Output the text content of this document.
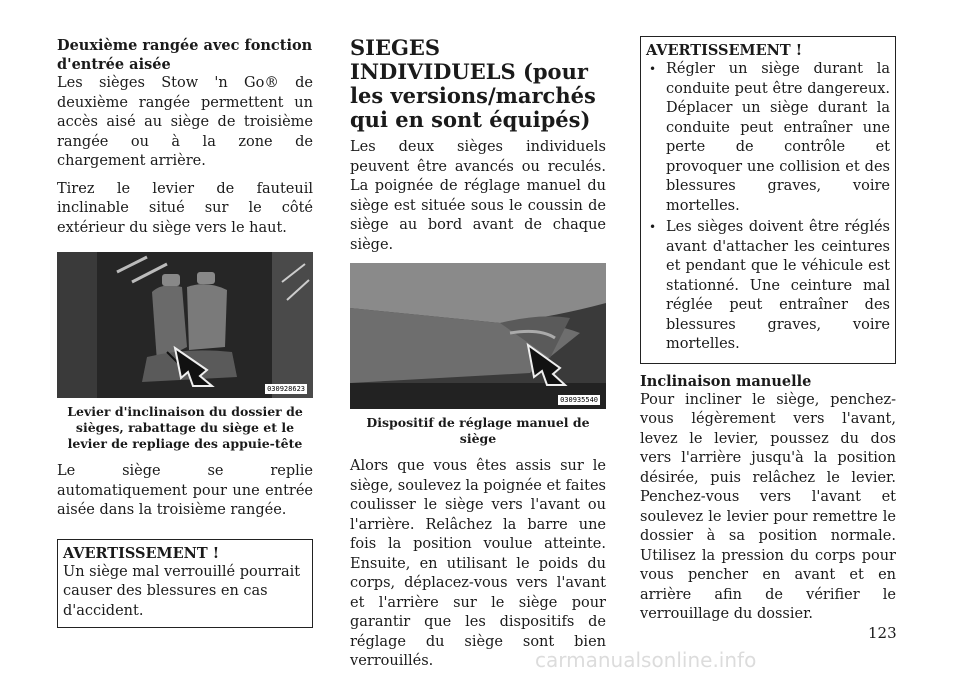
Deuxième rangée avec fonction d'entrée aisée

Les sièges Stow 'n Go® de deuxième rangée permettent un accès aisé au siège de troisième rangée ou à la zone de chargement arrière.

Tirez le levier de fauteuil inclinable situé sur le côté extérieur du siège vers le haut.

030928623
Levier d'inclinaison du dossier de sièges, rabattage du siège et le levier de repliage des appuie-tête

Le siège se replie automatiquement pour une entrée aisée dans la troisième rangée.

AVERTISSEMENT !

Un siège mal verrouillé pourrait causer des blessures en cas d'accident.

SIEGES INDIVIDUELS (pour les versions/marchés qui en sont équipés)

Les deux sièges individuels peuvent être avancés ou reculés. La poignée de réglage manuel du siège est située sous le coussin de siège au bord avant de chaque siège.

030935540
Dispositif de réglage manuel de siège

Alors que vous êtes assis sur le siège, soulevez la poignée et faites coulisser le siège vers l'avant ou l'arrière. Relâchez la barre une fois la position voulue atteinte. Ensuite, en utilisant le poids du corps, déplacez-vous vers l'avant et l'arrière sur le siège pour garantir que les dispositifs de réglage du siège sont bien verrouillés.

AVERTISSEMENT !
• Régler un siège durant la conduite peut être dangereux. Déplacer un siège durant la conduite peut entraîner une perte de contrôle et provoquer une collision et des blessures graves, voire mortelles.
• Les sièges doivent être réglés avant d'attacher les ceintures et pendant que le véhicule est stationné. Une ceinture mal réglée peut entraîner des blessures graves, voire mortelles.
Inclinaison manuelle

Pour incliner le siège, penchez-vous légèrement vers l'avant, levez le levier, poussez du dos vers l'arrière jusqu'à la position désirée, puis relâchez le levier. Penchez-vous vers l'avant et soulevez le levier pour remettre le dossier à sa position normale. Utilisez la pression du corps pour vous pencher en avant et en arrière afin de vérifier le verrouillage du dossier.

123
carmanualsonline.info
